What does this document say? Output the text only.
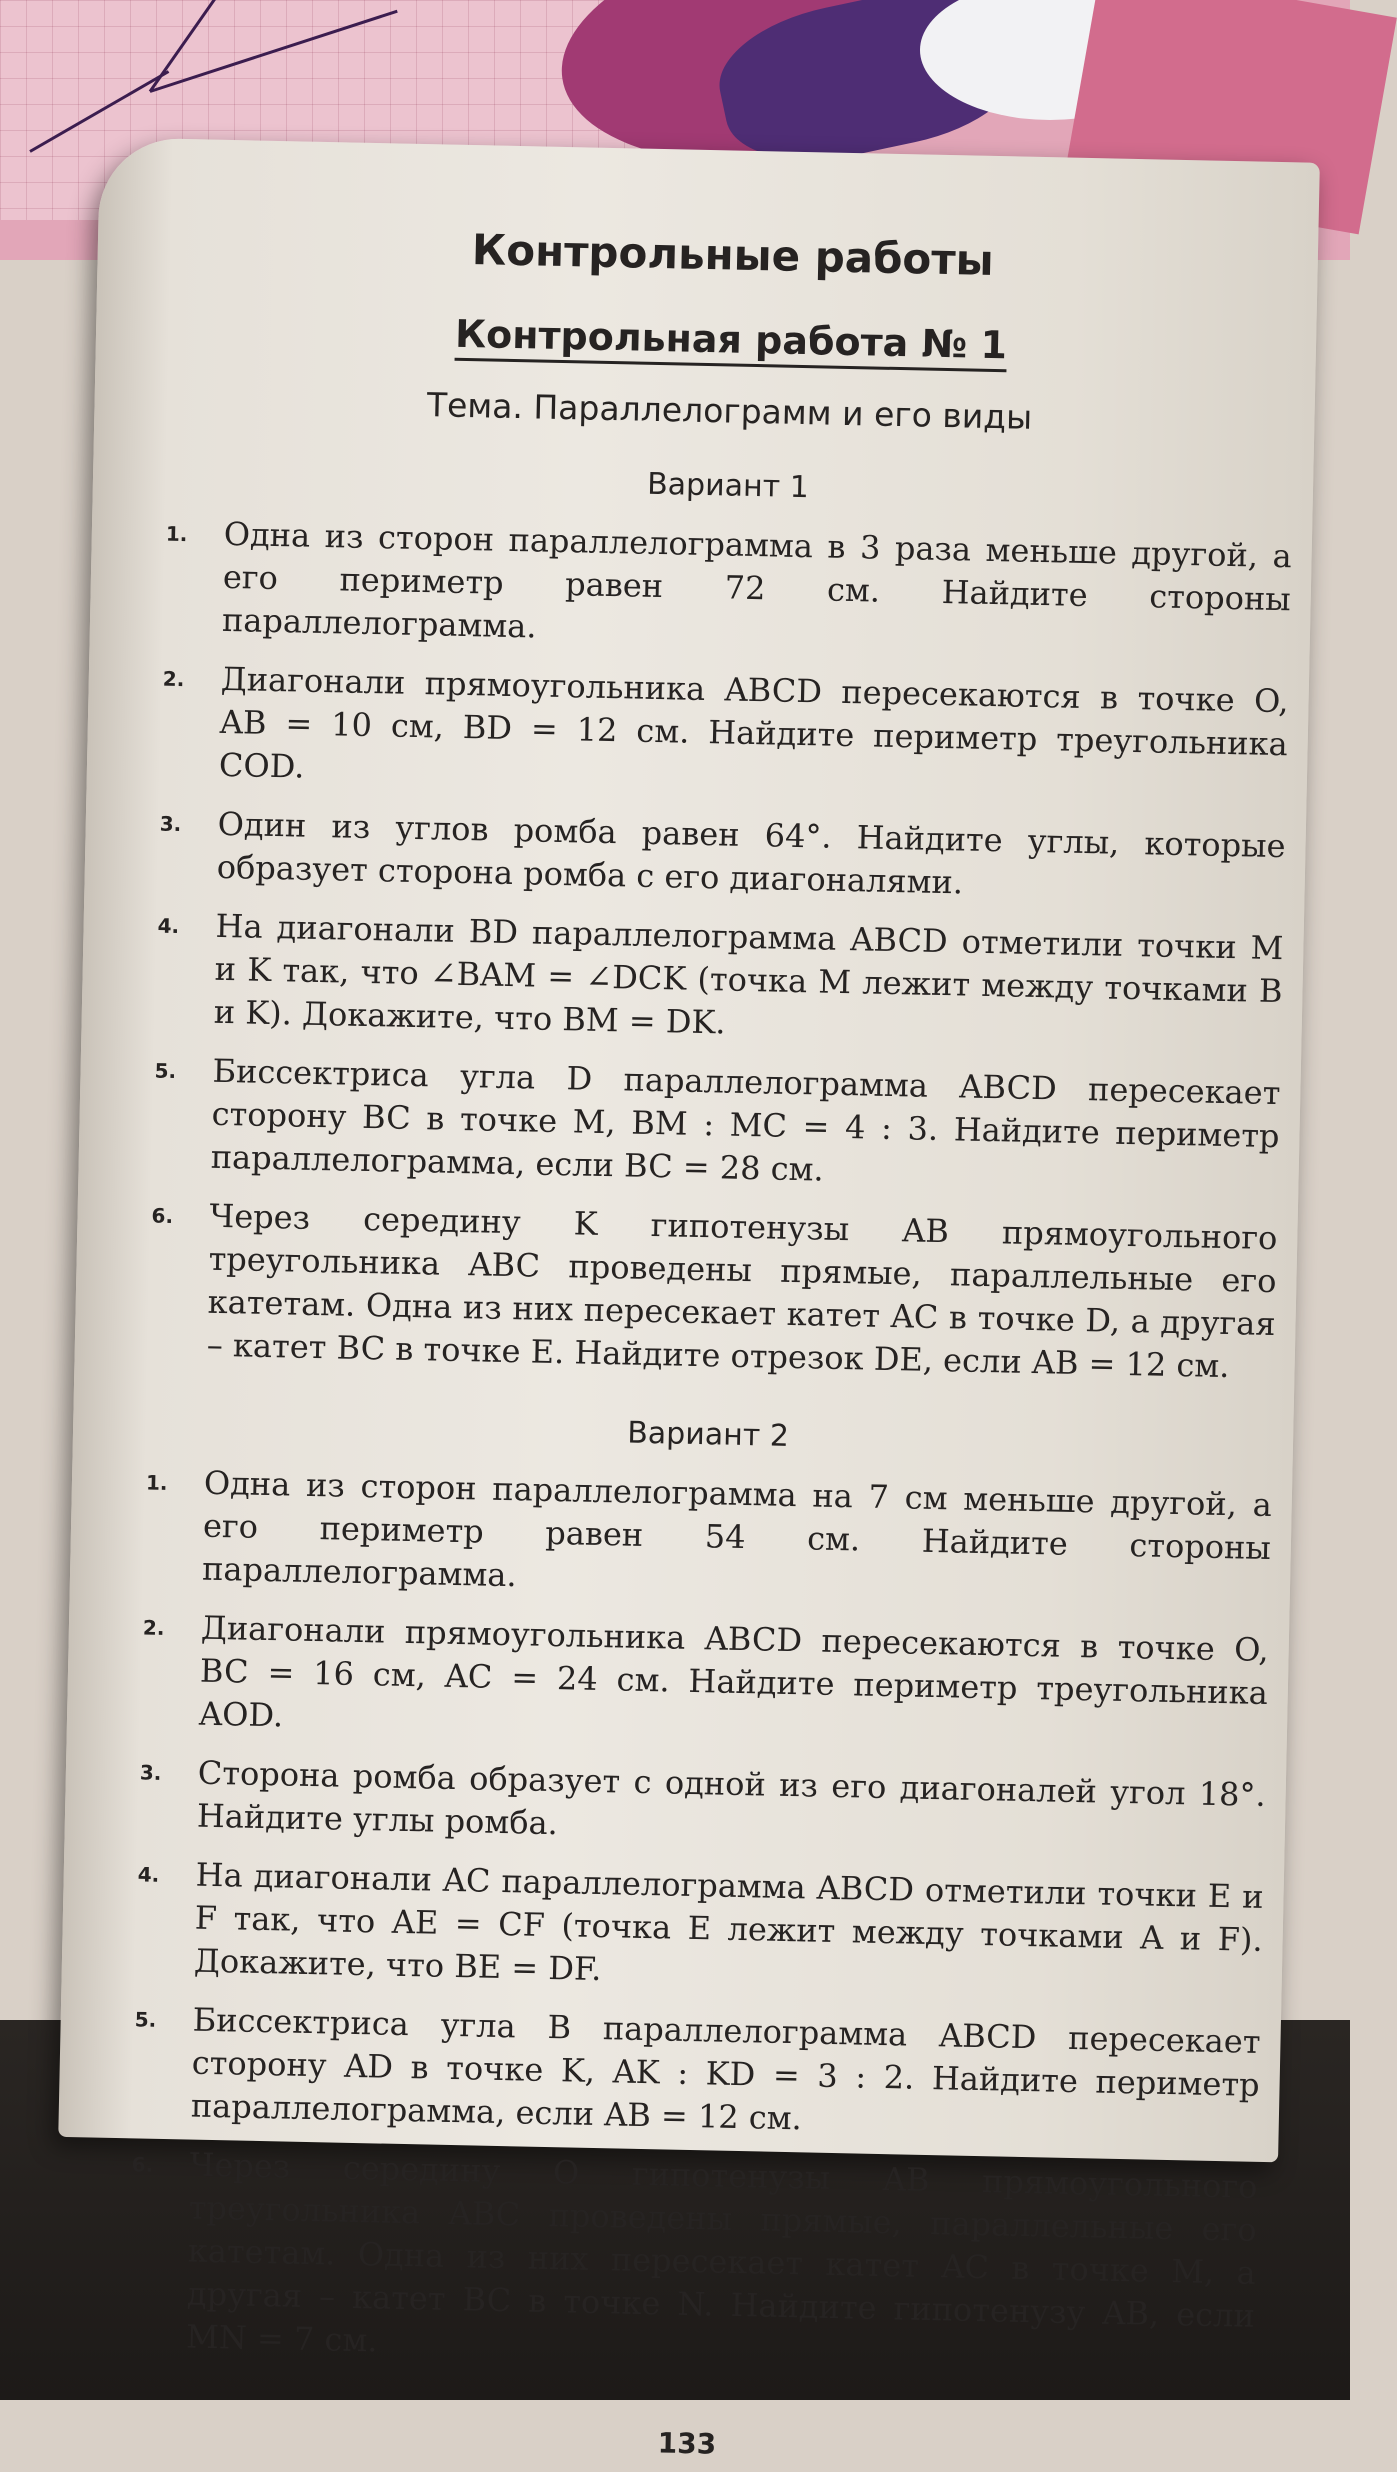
Контрольные работы
Контрольная работа № 1
Тема. Параллелограмм и его виды
Вариант 1
1.	Одна из сторон параллелограмма в 3 раза меньше другой, а его периметр равен 72 см. Найдите стороны параллелограмма.
2.	Диагонали прямоугольника ABCD пересекаются в точке O, AB = 10 см, BD = 12 см. Найдите периметр треугольника COD.
3.	Один из углов ромба равен 64°. Найдите углы, которые образует сторона ромба с его диагоналями.
4.	На диагонали BD параллелограмма ABCD отметили точки M и K так, что ∠BAM = ∠DCK (точка M лежит между точками B и K). Докажите, что BM = DK.
5.	Биссектриса угла D параллелограмма ABCD пересекает сторону BC в точке M, BM : MC = 4 : 3. Найдите периметр параллелограмма, если BC = 28 см.
6.	Через середину K гипотенузы AB прямоугольного треугольника ABC проведены прямые, параллельные его катетам. Одна из них пересекает катет AC в точке D, а другая – катет BC в точке E. Найдите отрезок DE, если AB = 12 см.
Вариант 2
1.	Одна из сторон параллелограмма на 7 см меньше другой, а его периметр равен 54 см. Найдите стороны параллелограмма.
2.	Диагонали прямоугольника ABCD пересекаются в точке O, BC = 16 см, AC = 24 см. Найдите периметр треугольника AOD.
3.	Сторона ромба образует с одной из его диагоналей угол 18°. Найдите углы ромба.
4.	На диагонали AC параллелограмма ABCD отметили точки E и F так, что AE = CF (точка E лежит между точками A и F). Докажите, что BE = DF.
5.	Биссектриса угла B параллелограмма ABCD пересекает сторону AD в точке K, AK : KD = 3 : 2. Найдите периметр параллелограмма, если AB = 12 см.
6.	Через середину O гипотенузы AB прямоугольного треугольника ABC проведены прямые, параллельные его катетам. Одна из них пересекает катет AC в точке M, а другая – катет BC в точке N. Найдите гипотенузу AB, если MN = 7 см.
133
